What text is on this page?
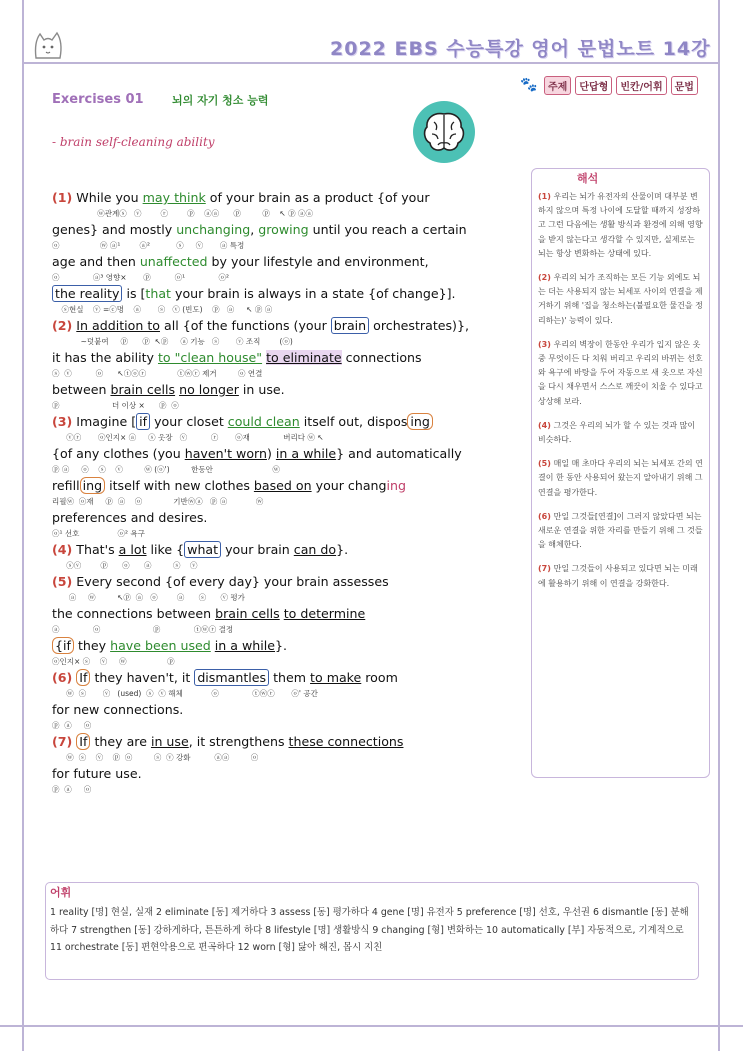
2022 EBS 수능특강 영어 문법노트 14강
🐾	주제	단답형	빈칸/어휘	문법
Exercises 01	뇌의 자기 청소 능력
- brain self-cleaning ability
(1) While you may think of your brain as a product {of your
ⓦ관계ⓢ   ⓥ        ⓡ        ⓟ    ⓐⓐ      ⓟ         ⓟ    ↖ ⓟ ⓐⓐ
genes} and mostly unchanging, growing until you reach a certain
ⓞ                 ⓦ ⓐ¹        ⓐ²           ⓢ     ⓥ       ⓐ 특정
age and then unaffected by your lifestyle and environment,
ⓞ              ⓐ³ 영향×       ⓟ          ⓞ¹              ⓞ²
the reality is [that your brain is always in a state {of change}].
ⓢ현실    ⓥ =ⓒ명    ⓐ       ⓢ   ⓥ (빈도)    ⓟ   ⓐ     ↖ ⓟ ⓐ
(2) In addition to all {of the functions (your brain orchestrates)},
~덧붙여     ⓟ      ⓟ  ↖ⓟ     ⓐ 기능   ⓢ       ⓥ 조직        (ⓞ)
it has the ability to "clean house" to eliminate connections
ⓢ  ⓥ          ⓞ      ↖ⓣⓞⓡ             ⓣⓦⓡ 제거         ⓞ 연결
between brain cells no longer in use.
ⓟ                      더 이상 ×      ⓟ  ⓞ
(3) Imagine [ if your closet could clean itself out, dispos ing
ⓥⓡ       ⓞ인지× ⓐ     ⓢ 옷장   ⓥ          ⓡ       ⓞ재              버리다 ⓦ ↖
{of any clothes (you haven't worn) in a while} and automatically
ⓟ ⓐ     ⓞ    ⓢ    ⓥ         ⓦ (ⓞ')         한동안                         ⓦ
refill ing itself with new clothes based on your changing
리필ⓦ  ⓞ재     ⓟ  ⓐ    ⓞ             기반ⓦⓐ   ⓟ ⓐ            ⓦ
preferences and desires.
ⓞ¹ 선호                ⓞ² 욕구
(4) That's a lot like { what your brain can do}.
ⓢⓥ        ⓟ      ⓞ      ⓐ         ⓢ    ⓥ
(5) Every second {of every day} your brain assesses
ⓐ     ⓦ         ↖ⓟ  ⓐ   ⓞ        ⓐ      ⓢ      ⓥ 평가
the connections between brain cells to determine
ⓐ              ⓞ                      ⓟ              ⓣⓦⓡ 결정
{if they have been used in a while}.
ⓞ인지× ⓢ    ⓥ     ⓦ                 ⓟ
(6) If they haven't, it dismantles them to make room
ⓦ  ⓢ       ⓥ   (used)  ⓢ  ⓥ 해체            ⓞ              ⓣⓦⓡ       ⓞ' 공간
for new connections.
ⓟ  ⓐ     ⓞ
(7) If they are in use, it strengthens these connections
ⓦ  ⓢ    ⓥ    ⓟ  ⓞ         ⓢ  ⓥ 강화          ⓐⓐ         ⓞ
for future use.
ⓟ  ⓐ     ⓞ
해석

(1) 우리는 뇌가 유전자의 산물이며 대부분 변하지 않으며 특정 나이에 도달할 때까지 성장하고 그런 다음에는 생활 방식과 환경에 의해 영향을 받지 않는다고 생각할 수 있지만, 실제로는 뇌는 항상 변화하는 상태에 있다.

(2) 우리의 뇌가 조직하는 모든 기능 외에도 뇌는 더는 사용되지 않는 뇌세포 사이의 연결을 제거하기 위해 '집을 청소하는(불필요한 물건을 정리하는)' 능력이 있다.

(3) 우리의 벽장이 한동안 우리가 입지 않은 옷 중 무엇이든 다 치워 버리고 우리의 바뀌는 선호와 욕구에 바탕을 두어 자동으로 새 옷으로 자신을 다시 채우면서 스스로 깨끗이 치울 수 있다고 상상해 보라.

(4) 그것은 우리의 뇌가 할 수 있는 것과 많이 비슷하다.

(5) 매일 매 초마다 우리의 뇌는 뇌세포 간의 연결이 한 동안 사용되어 왔는지 알아내기 위해 그 연결을 평가한다.

(6) 만일 그것들[연결]이 그러지 않았다면 뇌는 새로운 연결을 위한 자리를 만들기 위해 그 것들을 해체한다.

(7) 만일 그것들이 사용되고 있다면 뇌는 미래에 활용하기 위해 이 연결을 강화한다.

어휘
1 reality [명] 현실, 실재 2 eliminate [동] 제거하다 3 assess [동] 평가하다 4 gene [명] 유전자 5 preference [명] 선호, 우선권 6 dismantle [동] 분해하다 7 strengthen [동] 강하게하다, 튼튼하게 하다 8 lifestyle [명] 생활방식 9 changing [형] 변화하는 10 automatically [부] 자동적으로, 기계적으로 11 orchestrate [동] 편현악용으로 편곡하다 12 worn [형] 닳아 해진, 몹시 지친
